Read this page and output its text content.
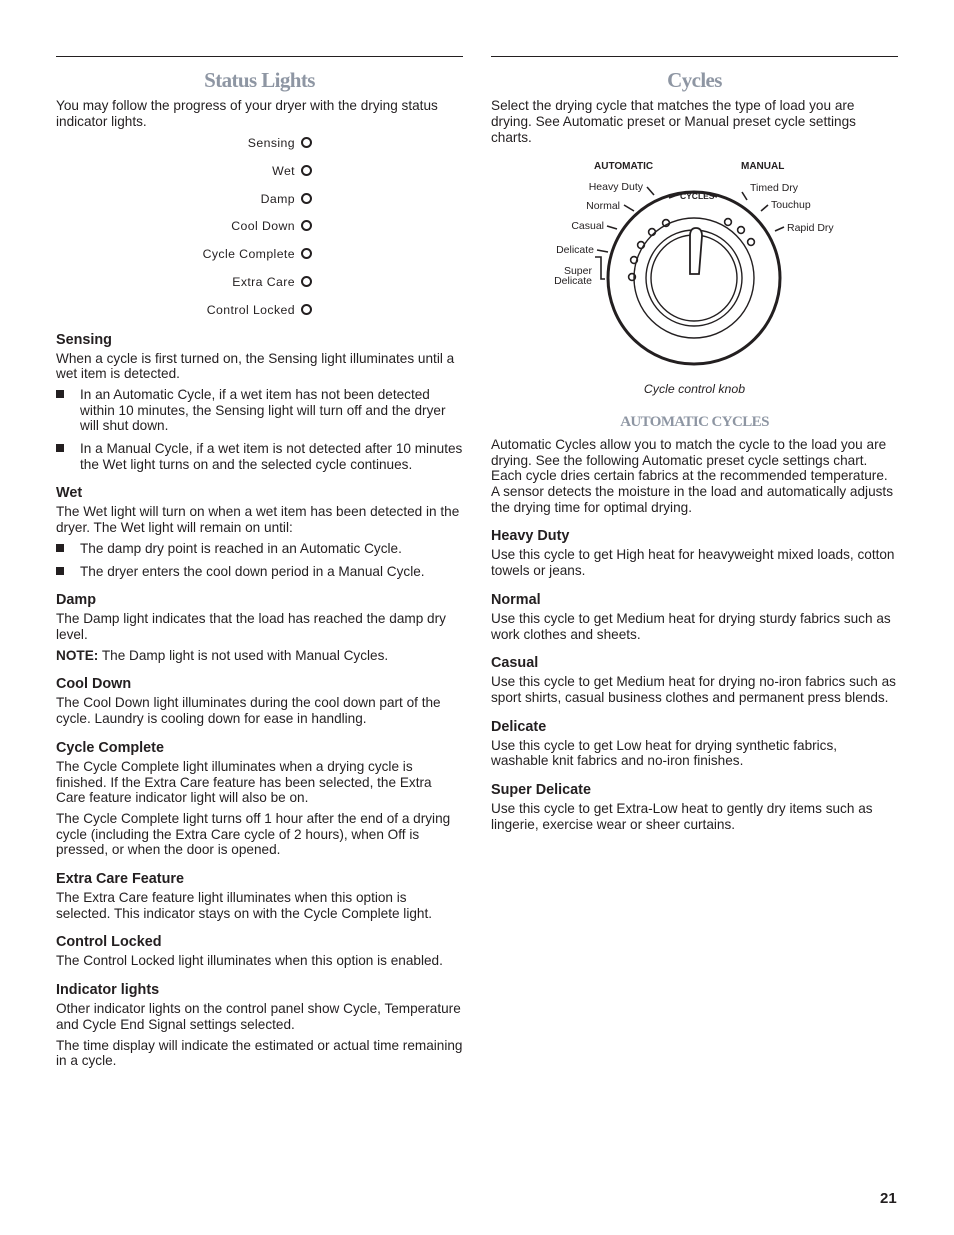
Status Lights

You may follow the progress of your dryer with the drying status indicator lights.

Sensing
Wet
Damp
Cool Down
Cycle Complete
Extra Care
Control Locked
Sensing

When a cycle is first turned on, the Sensing light illuminates until a wet item is detected.

In an Automatic Cycle, if a wet item has not been detected within 10 minutes, the Sensing light will turn off and the dryer will shut down.
In a Manual Cycle, if a wet item is not detected after 10 minutes the Wet light turns on and the selected cycle continues.
Wet

The Wet light will turn on when a wet item has been detected in the dryer. The Wet light will remain on until:

The damp dry point is reached in an Automatic Cycle.
The dryer enters the cool down period in a Manual Cycle.
Damp

The Damp light indicates that the load has reached the damp dry level.

NOTE: The Damp light is not used with Manual Cycles.

Cool Down

The Cool Down light illuminates during the cool down part of the cycle. Laundry is cooling down for ease in handling.

Cycle Complete

The Cycle Complete light illuminates when a drying cycle is finished. If the Extra Care feature has been selected, the Extra Care feature indicator light will also be on.

The Cycle Complete light turns off 1 hour after the end of a drying cycle (including the Extra Care cycle of 2 hours), when Off is pressed, or when the door is opened.

Extra Care Feature

The Extra Care feature light illuminates when this option is selected. This indicator stays on with the Cycle Complete light.

Control Locked

The Control Locked light illuminates when this option is enabled.

Indicator lights

Other indicator lights on the control panel show Cycle, Temperature and Cycle End Signal settings selected.

The time display will indicate the estimated or actual time remaining in a cycle.

Cycles

Select the drying cycle that matches the type of load you are drying. See Automatic preset or Manual preset cycle settings charts.

AUTOMATIC	MANUAL
CYCLES
Heavy Duty
Normal
Casual
Delicate
Super
Delicate
Timed Dry
Touchup
Rapid Dry

Cycle control knob

AUTOMATIC CYCLES

Automatic Cycles allow you to match the cycle to the load you are drying. See the following Automatic preset cycle settings chart. Each cycle dries certain fabrics at the recommended temperature. A sensor detects the moisture in the load and automatically adjusts the drying time for optimal drying.

Heavy Duty

Use this cycle to get High heat for heavyweight mixed loads, cotton towels or jeans.

Normal

Use this cycle to get Medium heat for drying sturdy fabrics such as work clothes and sheets.

Casual

Use this cycle to get Medium heat for drying no-iron fabrics such as sport shirts, casual business clothes and permanent press blends.

Delicate

Use this cycle to get Low heat for drying synthetic fabrics, washable knit fabrics and no-iron finishes.

Super Delicate

Use this cycle to get Extra-Low heat to gently dry items such as lingerie, exercise wear or sheer curtains.

21
